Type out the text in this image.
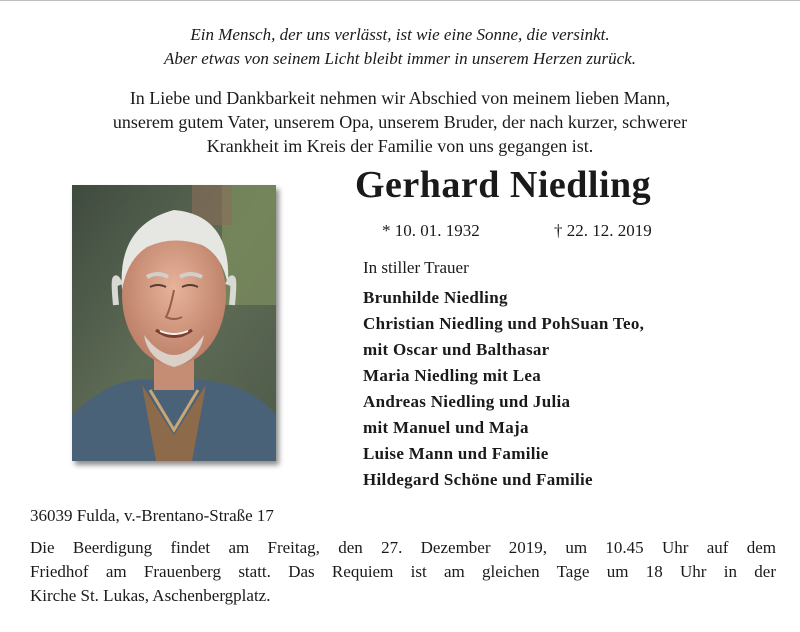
Ein Mensch, der uns verlässt, ist wie eine Sonne, die versinkt.
Aber etwas von seinem Licht bleibt immer in unserem Herzen zurück.
In Liebe und Dankbarkeit nehmen wir Abschied von meinem lieben Mann,
unserem gutem Vater, unserem Opa, unserem Bruder, der nach kurzer, schwerer
Krankheit im Kreis der Familie von uns gegangen ist.
Gerhard Niedling
* 10. 01. 1932	† 22. 12. 2019
In stiller Trauer
Brunhilde Niedling
Christian Niedling und PohSuan Teo,
mit Oscar und Balthasar
Maria Niedling mit Lea
Andreas Niedling und Julia
mit Manuel und Maja
Luise Mann und Familie
Hildegard Schöne und Familie
36039 Fulda, v.-Brentano-Straße 17
Die Beerdigung findet am Freitag, den 27. Dezember 2019, um 10.45 Uhr auf dem
Friedhof am Frauenberg statt. Das Requiem ist am gleichen Tage um 18 Uhr in der
Kirche St. Lukas, Aschenbergplatz.
